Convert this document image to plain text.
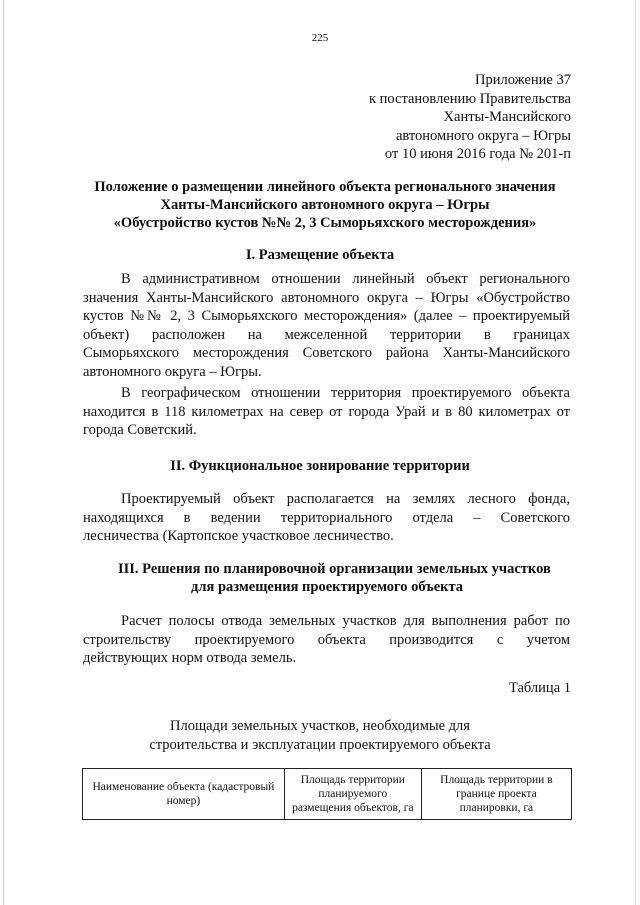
225
Приложение 37
к постановлению Правительства
Ханты-Мансийского
автономного округа – Югры
от 10 июня 2016 года № 201-п
Положение о размещении линейного объекта регионального значения
Ханты-Мансийского автономного округа – Югры
«Обустройство кустов №№ 2, 3 Сыморьяхского месторождения»
I. Размещение объекта
В административном отношении линейный объект регионального
значения Ханты-Мансийского автономного округа – Югры «Обустройство
кустов №№ 2, 3 Сыморьяхского месторождения» (далее – проектируемый
объект) расположен на межселенной территории в границах
Сыморьяхского месторождения Советского района Ханты-Мансийского
автономного округа – Югры.
В географическом отношении территория проектируемого объекта
находится в 118 километрах на север от города Урай и в 80 километрах от
города Советский.
II. Функциональное зонирование территории
Проектируемый объект располагается на землях лесного фонда,
находящихся в ведении территориального отдела – Советского
лесничества (Картопское участковое лесничество.
III. Решения по планировочной организации земельных участков
для размещения проектируемого объекта
Расчет полосы отвода земельных участков для выполнения работ по
строительству проектируемого объекта производится с учетом
действующих норм отвода земель.
Таблица 1
Площади земельных участков, необходимые для
строительства и эксплуатации проектируемого объекта
Наименование объекта (кадастровый номер)	Площадь территории планируемого размещения объектов, га	Площадь территории в границе проекта планировки, га
